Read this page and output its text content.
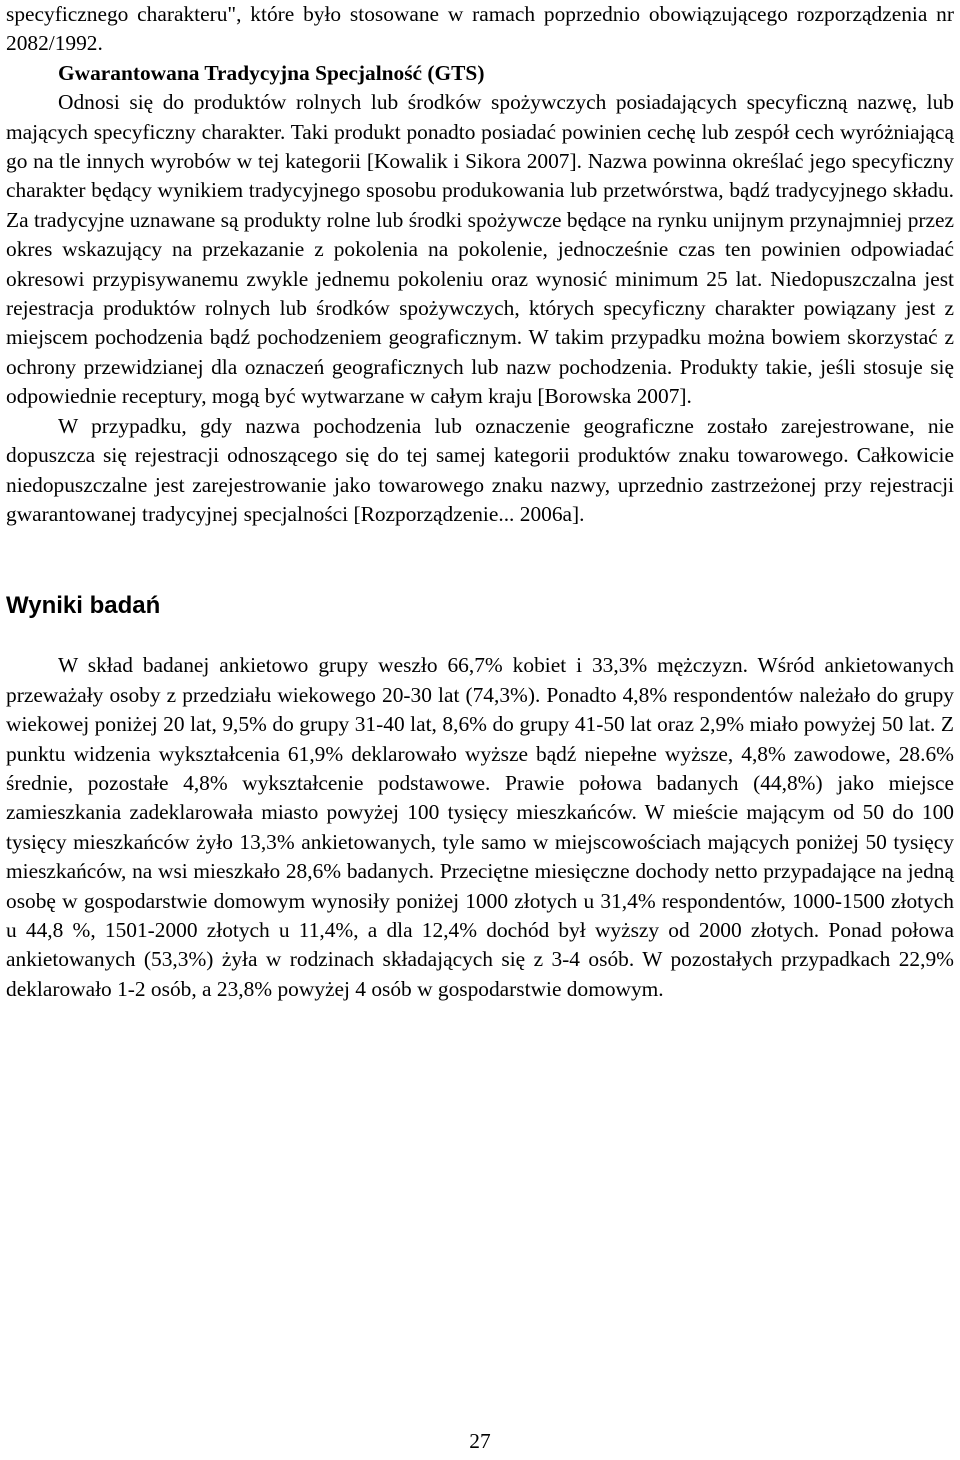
specyficznego charakteru", które było stosowane w ramach poprzednio obowiązującego rozporządzenia nr 2082/1992.

Gwarantowana Tradycyjna Specjalność (GTS)

Odnosi się do produktów rolnych lub środków spożywczych posiadających specyficzną nazwę, lub mających specyficzny charakter. Taki produkt ponadto posiadać powinien cechę lub zespół cech wyróżniającą go na tle innych wyrobów w tej kategorii [Kowalik i Sikora 2007]. Nazwa powinna określać jego specyficzny charakter będący wynikiem tradycyjnego sposobu produkowania lub przetwórstwa, bądź tradycyjnego składu. Za tradycyjne uznawane są produkty rolne lub środki spożywcze będące na rynku unijnym przynajmniej przez okres wskazujący na przekazanie z pokolenia na pokolenie, jednocześnie czas ten powinien odpowiadać okresowi przypisywanemu zwykle jednemu pokoleniu oraz wynosić minimum 25 lat. Niedopuszczalna jest rejestracja produktów rolnych lub środków spożywczych, których specyficzny charakter powiązany jest z miejscem pochodzenia bądź pochodzeniem geograficznym. W takim przypadku można bowiem skorzystać z ochrony przewidzianej dla oznaczeń geograficznych lub nazw pochodzenia. Produkty takie, jeśli stosuje się odpowiednie receptury, mogą być wytwarzane w całym kraju [Borowska 2007].

W przypadku, gdy nazwa pochodzenia lub oznaczenie geograficzne zostało zarejestrowane, nie dopuszcza się rejestracji odnoszącego się do tej samej kategorii produktów znaku towarowego. Całkowicie niedopuszczalne jest zarejestrowanie jako towarowego znaku nazwy, uprzednio zastrzeżonej przy rejestracji gwarantowanej tradycyjnej specjalności [Rozporządzenie... 2006a].

Wyniki badań

W skład badanej ankietowo grupy weszło 66,7% kobiet i 33,3% mężczyzn. Wśród ankietowanych przeważały osoby z przedziału wiekowego 20-30 lat (74,3%). Ponadto 4,8% respondentów należało do grupy wiekowej poniżej 20 lat, 9,5% do grupy 31-40 lat, 8,6% do grupy 41-50 lat oraz 2,9% miało powyżej 50 lat. Z punktu widzenia wykształcenia 61,9% deklarowało wyższe bądź niepełne wyższe, 4,8% zawodowe, 28.6% średnie, pozostałe 4,8% wykształcenie podstawowe. Prawie połowa badanych (44,8%) jako miejsce zamieszkania zadeklarowała miasto powyżej 100 tysięcy mieszkańców. W mieście mającym od 50 do 100 tysięcy mieszkańców żyło 13,3% ankietowanych, tyle samo w miejscowościach mających poniżej 50 tysięcy mieszkańców, na wsi mieszkało 28,6% badanych. Przeciętne miesięczne dochody netto przypadające na jedną osobę w gospodarstwie domowym wynosiły poniżej 1000 złotych u 31,4% respondentów, 1000-1500 złotych u 44,8 %, 1501-2000 złotych u 11,4%, a dla 12,4% dochód był wyższy od 2000 złotych. Ponad połowa ankietowanych (53,3%) żyła w rodzinach składających się z 3-4 osób. W pozostałych przypadkach 22,9% deklarowało 1-2 osób, a 23,8% powyżej 4 osób w gospodarstwie domowym.

27
